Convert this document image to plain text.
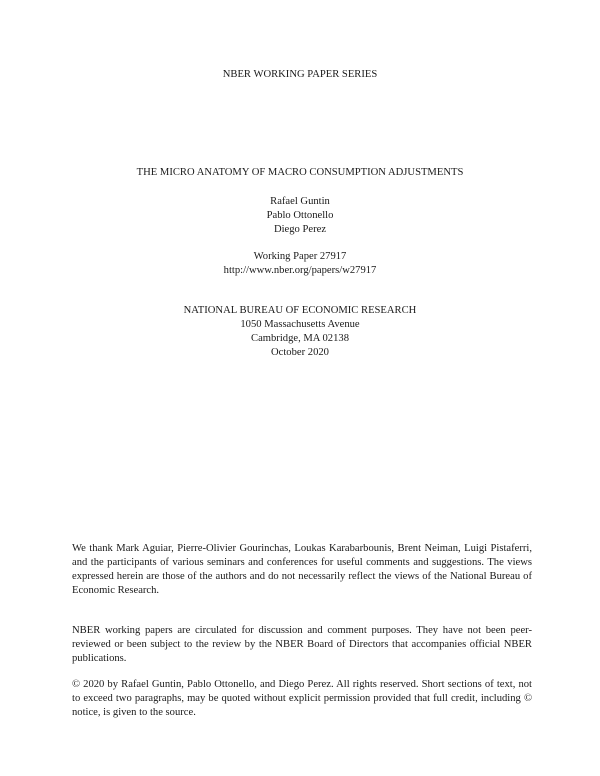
NBER WORKING PAPER SERIES
THE MICRO ANATOMY OF MACRO CONSUMPTION ADJUSTMENTS
Rafael Guntin
Pablo Ottonello
Diego Perez
Working Paper 27917
http://www.nber.org/papers/w27917
NATIONAL BUREAU OF ECONOMIC RESEARCH
1050 Massachusetts Avenue
Cambridge, MA 02138
October 2020

We thank Mark Aguiar, Pierre-Olivier Gourinchas, Loukas Karabarbounis, Brent Neiman, Luigi Pistaferri, and the participants of various seminars and conferences for useful comments and suggestions. The views expressed herein are those of the authors and do not necessarily reflect the views of the National Bureau of Economic Research.

NBER working papers are circulated for discussion and comment purposes. They have not been peer-reviewed or been subject to the review by the NBER Board of Directors that accompanies official NBER publications.

© 2020 by Rafael Guntin, Pablo Ottonello, and Diego Perez. All rights reserved. Short sections of text, not to exceed two paragraphs, may be quoted without explicit permission provided that full credit, including © notice, is given to the source.
